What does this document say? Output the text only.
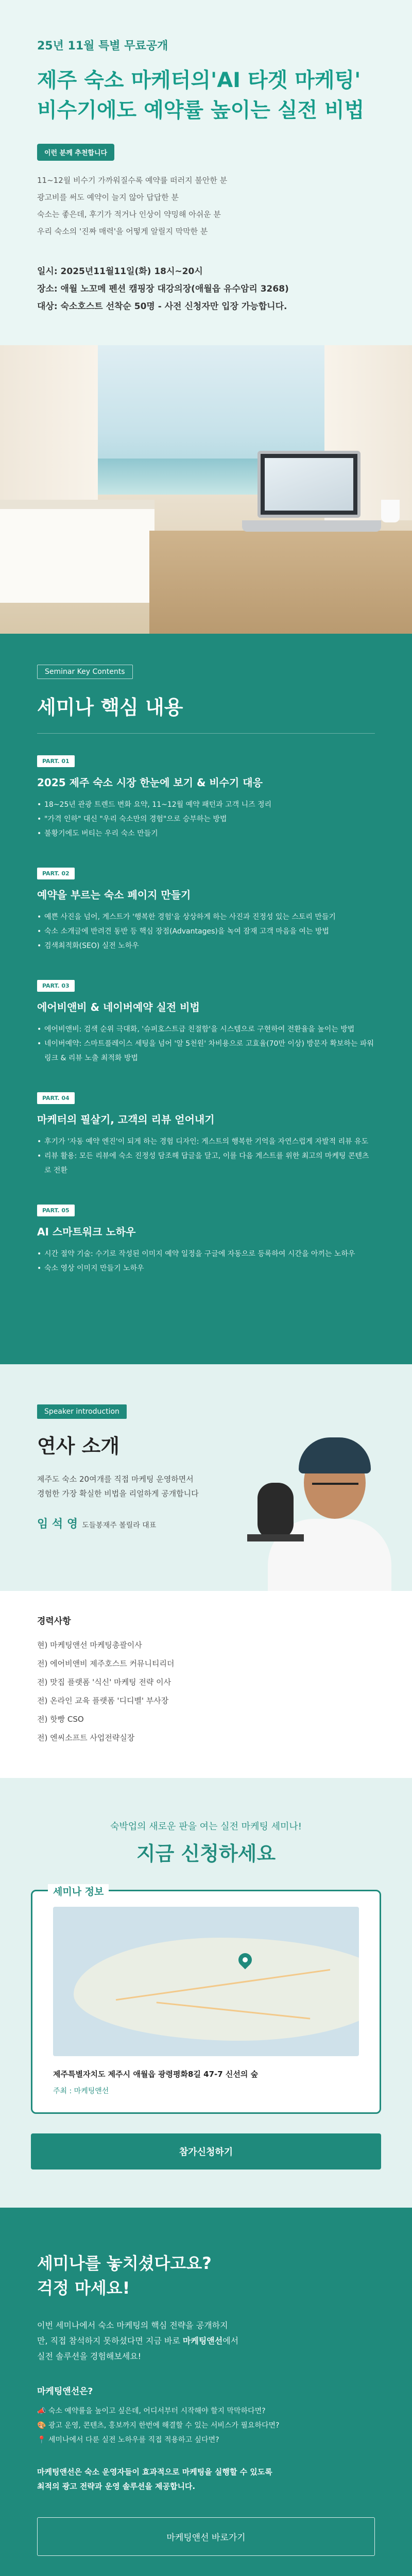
25년 11월 특별 무료공개

제주 숙소 마케터의'AI 타겟 마케팅'
비수기에도 예약률 높이는 실전 비법
이런 분께 추천합니다

11~12월 비수기 가까워질수록 예약률 떠러지 불안한 분

광고비를 써도 예약이 늘지 않아 답답한 분

숙소는 좋은데, 후기가 적거나 인상이 약밍해 아쉬운 분

우리 숙소의 '진짜 매력'을 어떻게 알릴지 막막한 분

일시: 2025년11월11일(화) 18시~20시

장소: 애월 노꼬메 펜션 캠핑장 대강의장(애월읍 유수암리 3268)

대상: 숙소호스트 선착순 50명 - 사전 신청자만 입장 가능합니다.

Seminar Key Contents
세미나 핵심 내용
PART. 01
2025 제주 숙소 시장 한눈에 보기 & 비수기 대응
• 18~25년 관광 트렌드 변화 요약, 11~12월 예약 패턴과 고객 니즈 정리
• "가격 인하" 대신 "우리 숙소만의 경험"으로 승부하는 방법
• 불황기에도 버티는 우리 숙소 만들기
PART. 02
예약을 부르는 숙소 페이지 만들기
• 예쁜 사진을 넘어, 게스트가 '행복한 경험'을 상상하게 하는 사진과 진정성 있는 스토리 만들기
• 숙소 소개글에 반려견 동반 등 핵심 장점(Advantages)을 녹여 잠재 고객 마음을 여는 방법
• 검색최적화(SEO) 실전 노하우
PART. 03
에어비앤비 & 네이버예약 실전 비법
• 에어비앤비: 검색 순위 극대화, '슈퍼호스트급 친절함'을 시스템으로 구현하여 전환율을 높이는 방법
• 네이버예약: 스마트플레이스 세팅을 넘어 '알 5천원' 차비용으로 고효율(70만 이상) 방문자 확보하는 파워링크 & 리뷰 노출 최적화 방법
PART. 04
마케터의 필살기, 고객의 리뷰 얻어내기
• 후기가 '자동 예약 엔진'이 되게 하는 경험 디자인: 게스트의 행복한 기억을 자연스럽게 자발적 리뷰 유도
• 리뷰 활용: 모든 리뷰에 숙소 진정성 담조해 답글을 달고, 이를 다음 게스트를 위한 최고의 마케팅 콘텐츠로 전환
PART. 05
AI 스마트워크 노하우
• 시간 절약 기술: 수기로 작성된 이미지 예약 일정을 구글에 자동으로 등록하여 시간을 아끼는 노하우
• 숙소 영상 이미지 만들기 노하우
Speaker introduction
연사 소개

제주도 숙소 20여개를 직접 마케팅 운영하면서

경험한 가장 확실한 비법을 리얼하게 공개합니다

임 석 영 도들봉재주 볼릴라 대표

경력사항

현) 마케팅앤선 마케팅총괄이사

전) 에어비앤비 제주호스트 커뮤니티리더

전) 맛집 플랫폼 '식신' 마케팅 전략 이사

전) 온라인 교육 플랫폼 '디디벨' 부사장

전) 핫빵 CSO

전) 엔씨소프트 사업전략실장

숙박업의 새로운 판을 여는 실전 마케팅 세미나!

지금 신청하세요
세미나 정보

제주특별자치도 제주시 애월읍 광령평화8길 47-7 신선의 숲

주최 : 마케팅앤선

참가신청하기
세미나를 놓치셨다고요?
걱정 마세요!

이번 세미나에서 숙소 마케팅의 핵심 전략을 공개하지

만, 직접 참석하지 못하셨다면 지금 바로 마케팅앤선에서

실전 솔루션을 경험해보세요!

마케팅앤선은?

📣 숙소 예약률을 높이고 싶은데, 어디서부터 시작해야 할지 막막하다면?

🎨 광고 운영, 콘텐츠, 홍보까지 한번에 해결할 수 있는 서비스가 필요하다면?

📍 세미나에서 다룬 실전 노하우를 직접 적용하고 싶다면?

마케팅앤선은 숙소 운영자들이 효과적으로 마케팅을 실행할 수 있도록

최적의 광고 전략과 운영 솔루션을 제공합니다.

마케팅앤선 바로가기
